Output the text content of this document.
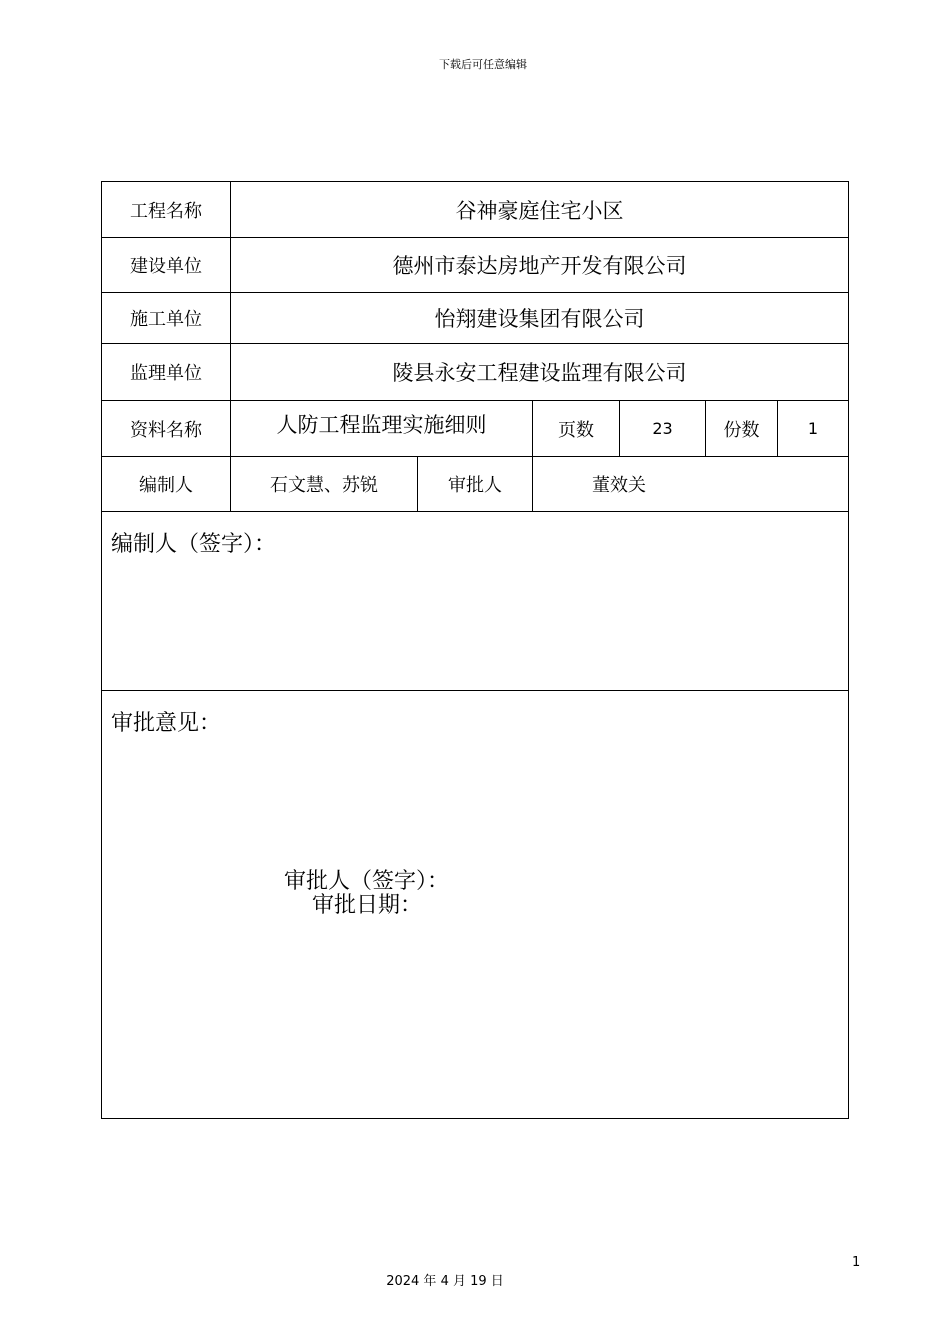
下载后可任意编辑
工程名称	谷神豪庭住宅小区
建设单位	德州市泰达房地产开发有限公司
施工单位	怡翔建设集团有限公司
监理单位	陵县永安工程建设监理有限公司
资料名称	人防工程监理实施细则	页数	23	份数	1
编制人	石文慧、苏锐	审批人	董效关
编制人（签字）：
审批意见：
审批人（签字）：
审批日期：
1
2024 年 4 月 19 日
